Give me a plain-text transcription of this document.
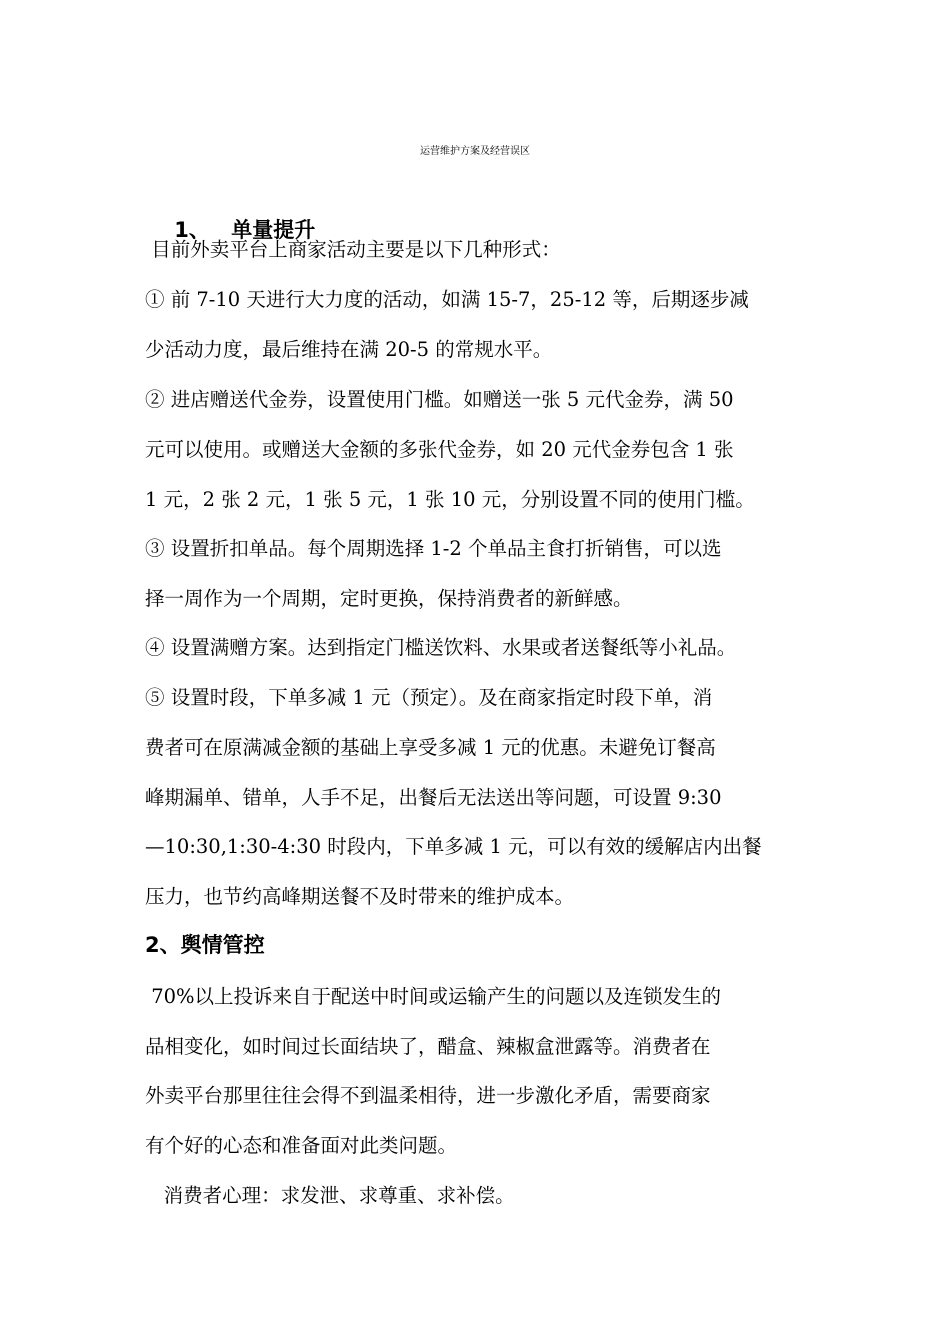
运营维护方案及经营误区

1、 单量提升

目前外卖平台上商家活动主要是以下几种形式：
① 前 7-10 天进行大力度的活动，如满 15-7，25-12 等，后期逐步减
少活动力度，最后维持在满 20-5 的常规水平。
② 进店赠送代金券，设置使用门槛。如赠送一张 5 元代金券，满 50
元可以使用。或赠送大金额的多张代金券，如 20 元代金券包含 1 张
1 元，2 张 2 元，1 张 5 元，1 张 10 元，分别设置不同的使用门槛。
③ 设置折扣单品。每个周期选择 1-2 个单品主食打折销售，可以选
择一周作为一个周期，定时更换，保持消费者的新鲜感。
④ 设置满赠方案。达到指定门槛送饮料、水果或者送餐纸等小礼品。
⑤ 设置时段，下单多减 1 元（预定）。及在商家指定时段下单，消
费者可在原满减金额的基础上享受多减 1 元的优惠。未避免订餐高
峰期漏单、错单，人手不足，出餐后无法送出等问题，可设置 9:30
—10:30,1:30-4:30 时段内，下单多减 1 元，可以有效的缓解店内出餐
压力，也节约高峰期送餐不及时带来的维护成本。
2、舆情管控
70%以上投诉来自于配送中时间或运输产生的问题以及连锁发生的
品相变化，如时间过长面结块了，醋盒、辣椒盒泄露等。消费者在
外卖平台那里往往会得不到温柔相待，进一步激化矛盾，需要商家
有个好的心态和准备面对此类问题。
消费者心理：求发泄、求尊重、求补偿。
